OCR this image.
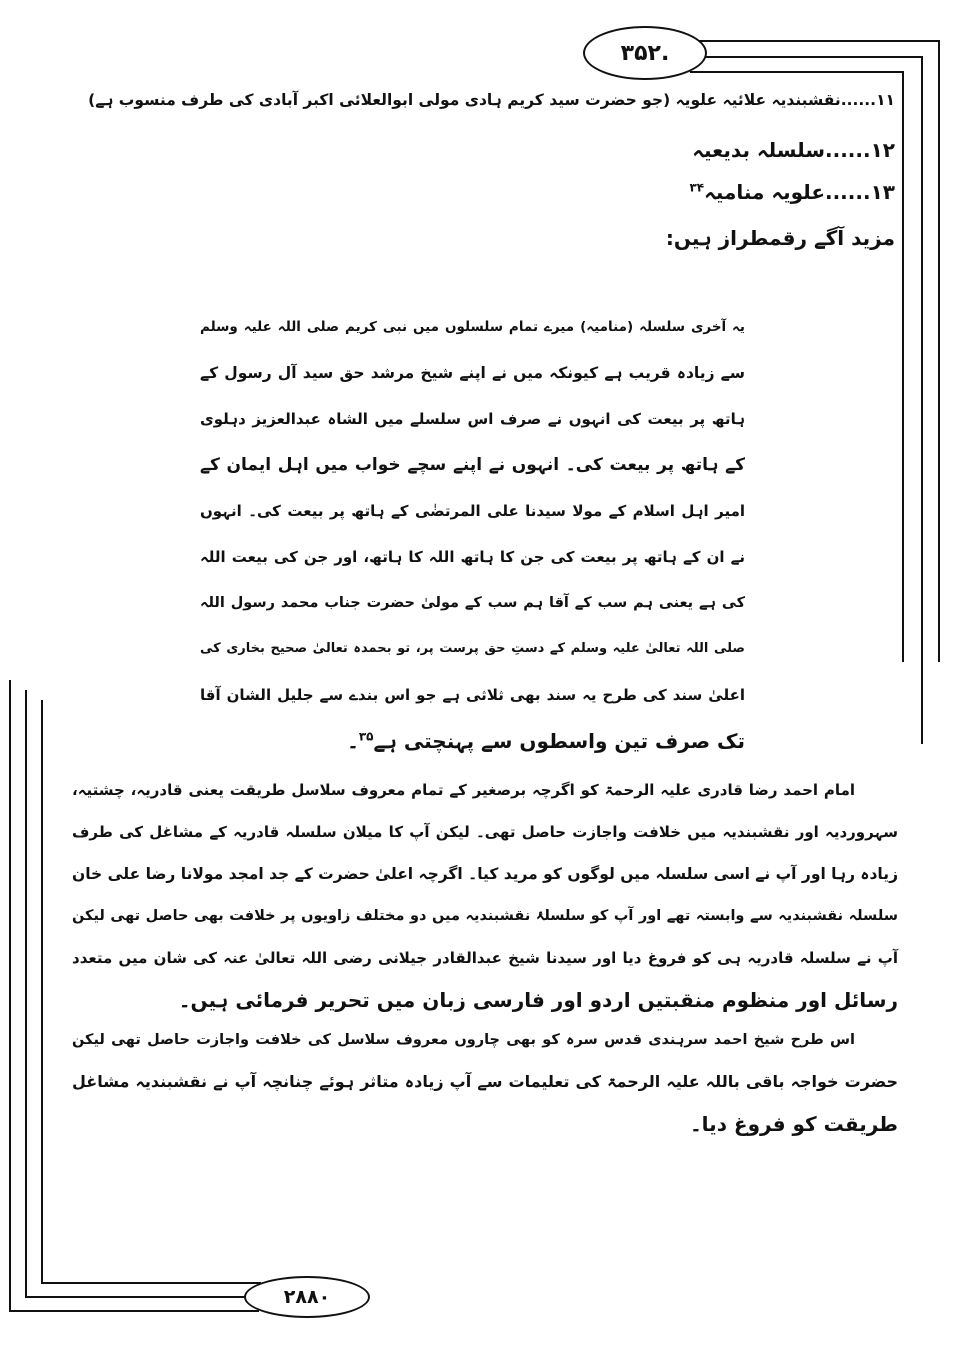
۳۵۲.
۲۸۸۰
۱۱......نقشبندیہ علائیہ علویہ (جو حضرت سید کریم ہادی مولی ابوالعلائی اکبر آبادی کی طرف منسوب ہے)
۱۲......سلسلہ بدیعیہ
۱۳......علویہ منامیہ$^{۳۴}$
مزید آگے رقمطراز ہیں:
یہ آخری سلسلہ (منامیہ) میرے تمام سلسلوں میں نبی کریم صلی اللہ علیہ وسلم
سے زیادہ قریب ہے کیونکہ میں نے اپنے شیخ مرشد حق سید آل رسول کے
ہاتھ پر بیعت کی انہوں نے صرف اس سلسلے میں الشاہ عبدالعزیز دہلوی
کے ہاتھ پر بیعت کی۔ انہوں نے اپنے سچے خواب میں اہل ایمان کے
امیر اہل اسلام کے مولا سیدنا علی المرتضٰی کے ہاتھ پر بیعت کی۔ انہوں
نے ان کے ہاتھ پر بیعت کی جن کا ہاتھ اللہ کا ہاتھ، اور جن کی بیعت اللہ
کی ہے یعنی ہم سب کے آقا ہم سب کے مولیٰ حضرت جناب محمد رسول اللہ
صلی اللہ تعالیٰ علیہ وسلم کے دستِ حق پرست پر، تو بحمدہ تعالیٰ صحیح بخاری کی
اعلیٰ سند کی طرح یہ سند بھی ثلاثی ہے جو اس بندے سے جلیل الشان آقا
تک صرف تین واسطوں سے پہنچتی ہے$^{۳۵}$۔
امام احمد رضا قادری علیہ الرحمۃ کو اگرچہ برصغیر کے تمام معروف سلاسل طریقت یعنی قادریہ، چشتیہ،
سہروردیہ اور نقشبندیہ میں خلافت واجازت حاصل تھی۔ لیکن آپ کا میلان سلسلہ قادریہ کے مشاغل کی طرف
زیادہ رہا اور آپ نے اسی سلسلہ میں لوگوں کو مرید کیا۔ اگرچہ اعلیٰ حضرت کے جد امجد مولانا رضا علی خان
سلسلہ نقشبندیہ سے وابستہ تھے اور آپ کو سلسلۂ نقشبندیہ میں دو مختلف زاویوں پر خلافت بھی حاصل تھی لیکن
آپ نے سلسلہ قادریہ ہی کو فروغ دیا اور سیدنا شیخ عبدالقادر جیلانی رضی اللہ تعالیٰ عنہ کی شان میں متعدد
رسائل اور منظوم منقبتیں اردو اور فارسی زبان میں تحریر فرمائی ہیں۔
اس طرح شیخ احمد سرہندی قدس سرہ کو بھی چاروں معروف سلاسل کی خلافت واجازت حاصل تھی لیکن
حضرت خواجہ باقی باللہ علیہ الرحمۃ کی تعلیمات سے آپ زیادہ متاثر ہوئے چنانچہ آپ نے نقشبندیہ مشاغل
طریقت کو فروغ دیا۔
